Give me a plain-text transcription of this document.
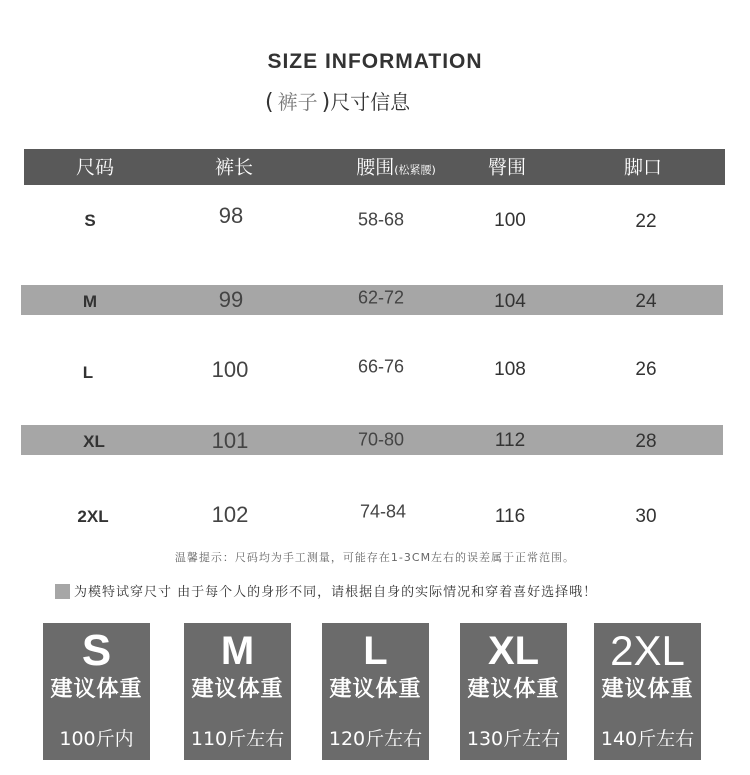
SIZE INFORMATION
( 裤子 )尺寸信息
尺码	裤长	腰围(松紧腰)	臀围	脚口
S	98	58-68	100	22
M	99	62-72	104	24
L	100	66-76	108	26
XL	101	70-80	112	28
2XL	102	74-84	116	30
温馨提示：尺码均为手工测量，可能存在1-3CM左右的误差属于正常范围。
为模特试穿尺寸 由于每个人的身形不同，请根据自身的实际情况和穿着喜好选择哦！
S
建议体重
100斤内
M
建议体重
110斤左右
L
建议体重
120斤左右
XL
建议体重
130斤左右
2XL
建议体重
140斤左右
